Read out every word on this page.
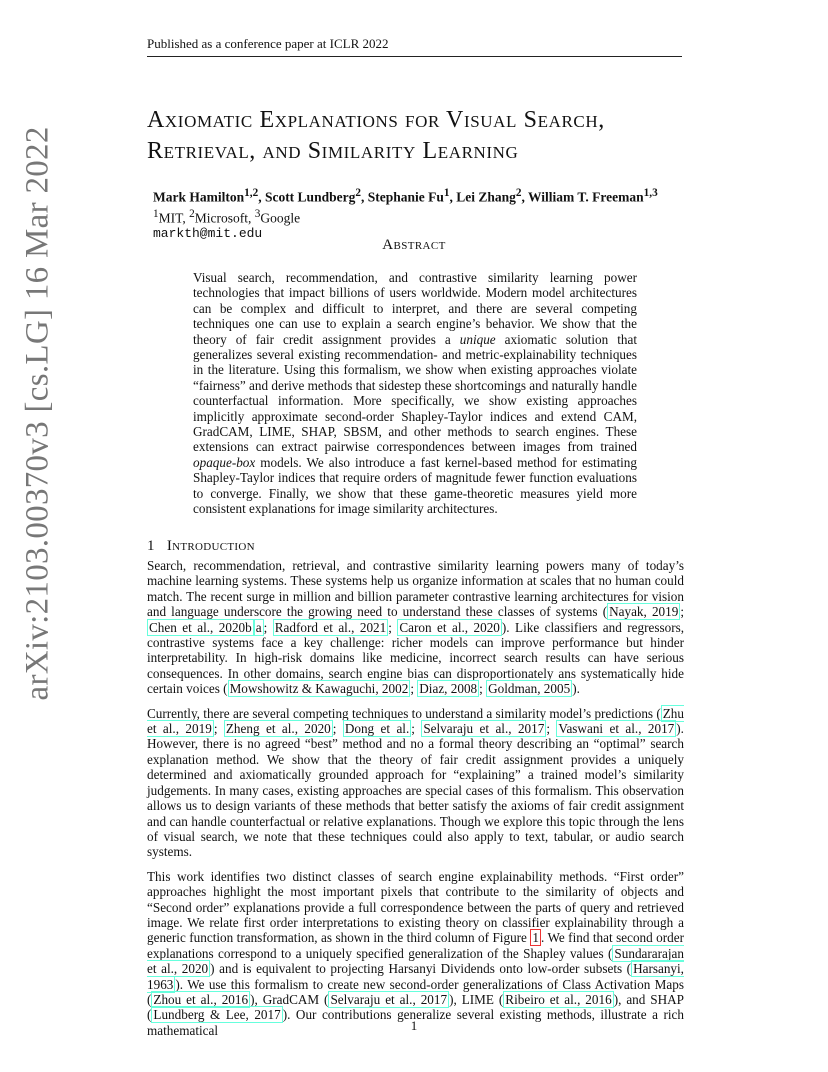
Published as a conference paper at ICLR 2022
arXiv:2103.00370v3 [cs.LG] 16 Mar 2022
Axiomatic Explanations for Visual Search,
Retrieval, and Similarity Learning
Mark Hamilton$^{1,2}$, Scott Lundberg$^2$, Stephanie Fu$^1$, Lei Zhang$^2$, William T. Freeman$^{1,3}$
$^1$MIT, $^2$Microsoft, $^3$Google
markth@mit.edu
Abstract
Visual search, recommendation, and contrastive similarity learning power technologies that impact billions of users worldwide. Modern model architectures can be complex and difficult to interpret, and there are several competing techniques one can use to explain a search engine’s behavior. We show that the theory of fair credit assignment provides a unique axiomatic solution that generalizes several existing recommendation- and metric-explainability techniques in the literature. Using this formalism, we show when existing approaches violate “fairness” and derive methods that sidestep these shortcomings and naturally handle counterfactual information. More specifically, we show existing approaches implicitly approximate second-order Shapley-Taylor indices and extend CAM, GradCAM, LIME, SHAP, SBSM, and other methods to search engines. These extensions can extract pairwise correspondences between images from trained opaque-box models. We also introduce a fast kernel-based method for estimating Shapley-Taylor indices that require orders of magnitude fewer function evaluations to converge. Finally, we show that these game-theoretic measures yield more consistent explanations for image similarity architectures.
1 Introduction

Search, recommendation, retrieval, and contrastive similarity learning powers many of today’s machine learning systems. These systems help us organize information at scales that no human could match. The recent surge in million and billion parameter contrastive learning architectures for vision and language underscore the growing need to understand these classes of systems ( Nayak, 2019 ; Chen et al., 2020b a ; Radford et al., 2021 ; Caron et al., 2020 ). Like classifiers and regressors, contrastive systems face a key challenge: richer models can improve performance but hinder interpretability. In high-risk domains like medicine, incorrect search results can have serious consequences. In other domains, search engine bias can disproportionately ans systematically hide certain voices ( Mowshowitz & Kawaguchi, 2002 ; Diaz, 2008 ; Goldman, 2005 ).

Currently, there are several competing techniques to understand a similarity model’s predictions ( Zhu et al., 2019 ; Zheng et al., 2020 ; Dong et al. ; Selvaraju et al., 2017 ; Vaswani et al., 2017 ). However, there is no agreed “best” method and no a formal theory describing an “optimal” search explanation method. We show that the theory of fair credit assignment provides a uniquely determined and axiomatically grounded approach for “explaining” a trained model’s similarity judgements. In many cases, existing approaches are special cases of this formalism. This observation allows us to design variants of these methods that better satisfy the axioms of fair credit assignment and can handle counterfactual or relative explanations. Though we explore this topic through the lens of visual search, we note that these techniques could also apply to text, tabular, or audio search systems.

This work identifies two distinct classes of search engine explainability methods. “First order” approaches highlight the most important pixels that contribute to the similarity of objects and “Second order” explanations provide a full correspondence between the parts of query and retrieved image. We relate first order interpretations to existing theory on classifier explainability through a generic function transformation, as shown in the third column of Figure 1 . We find that second order explanations correspond to a uniquely specified generalization of the Shapley values ( Sundararajan et al., 2020 ) and is equivalent to projecting Harsanyi Dividends onto low-order subsets ( Harsanyi, 1963 ). We use this formalism to create new second-order generalizations of Class Activation Maps ( Zhou et al., 2016 ), GradCAM ( Selvaraju et al., 2017 ), LIME ( Ribeiro et al., 2016 ), and SHAP ( Lundberg & Lee, 2017 ). Our contributions generalize several existing methods, illustrate a rich mathematical	1
